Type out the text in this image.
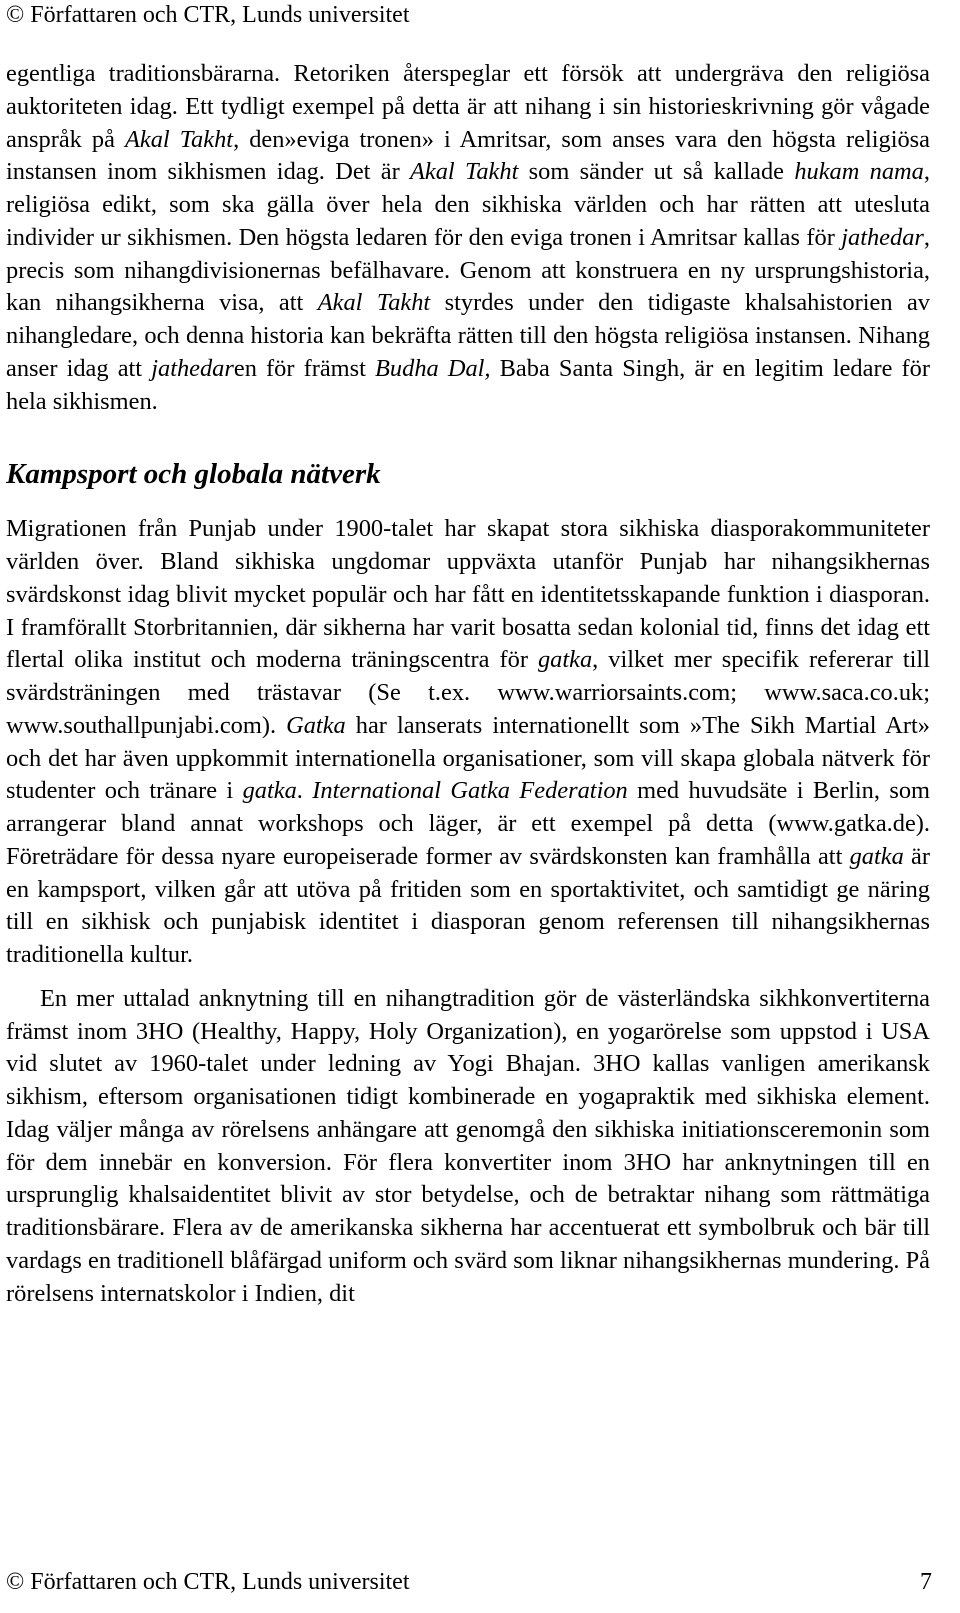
© Författaren och CTR, Lunds universitet

egentliga traditionsbärarna. Retoriken återspeglar ett försök att undergräva den religiösa auktoriteten idag. Ett tydligt exempel på detta är att nihang i sin historieskrivning gör vågade anspråk på Akal Takht, den»eviga tronen» i Amritsar, som anses vara den högsta religiösa instansen inom sikhismen idag. Det är Akal Takht som sänder ut så kallade hukam nama, religiösa edikt, som ska gälla över hela den sikhiska världen och har rätten att utesluta individer ur sikhismen. Den högsta ledaren för den eviga tronen i Amritsar kallas för jathedar, precis som nihangdivisionernas befälhavare. Genom att konstruera en ny ursprungshistoria, kan nihangsikherna visa, att Akal Takht styrdes under den tidigaste khalsahistorien av nihangledare, och denna historia kan bekräfta rätten till den högsta religiösa instansen. Nihang anser idag att jathedaren för främst Budha Dal, Baba Santa Singh, är en legitim ledare för hela sikhismen.

Kampsport och globala nätverk

Migrationen från Punjab under 1900-talet har skapat stora sikhiska diasporakommuniteter världen över. Bland sikhiska ungdomar uppväxta utanför Punjab har nihangsikhernas svärdskonst idag blivit mycket populär och har fått en identitetsskapande funktion i diasporan. I framförallt Storbritannien, där sikherna har varit bosatta sedan kolonial tid, finns det idag ett flertal olika institut och moderna träningscentra för gatka, vilket mer specifik refererar till svärdsträningen med trästavar (Se t.ex. www.warriorsaints.com; www.saca.co.uk; www.southallpunjabi.com). Gatka har lanserats internationellt som »The Sikh Martial Art» och det har även uppkommit internationella organisationer, som vill skapa globala nätverk för studenter och tränare i gatka. International Gatka Federation med huvudsäte i Berlin, som arrangerar bland annat workshops och läger, är ett exempel på detta (www.gatka.de). Företrädare för dessa nyare europeiserade former av svärdskonsten kan framhålla att gatka är en kampsport, vilken går att utöva på fritiden som en sportaktivitet, och samtidigt ge näring till en sikhisk och punjabisk identitet i diasporan genom referensen till nihangsikhernas traditionella kultur.

En mer uttalad anknytning till en nihangtradition gör de västerländska sikhkonvertiterna främst inom 3HO (Healthy, Happy, Holy Organization), en yogarörelse som uppstod i USA vid slutet av 1960-talet under ledning av Yogi Bhajan. 3HO kallas vanligen amerikansk sikhism, eftersom organisationen tidigt kombinerade en yogapraktik med sikhiska element. Idag väljer många av rörelsens anhängare att genomgå den sikhiska initiationsceremonin som för dem innebär en konversion. För flera konvertiter inom 3HO har anknytningen till en ursprunglig khalsaidentitet blivit av stor betydelse, och de betraktar nihang som rättmätiga traditionsbärare. Flera av de amerikanska sikherna har accentuerat ett symbolbruk och bär till vardags en traditionell blåfärgad uniform och svärd som liknar nihangsikhernas mundering. På rörelsens internatskolor i Indien, dit

© Författaren och CTR, Lunds universitet	7
